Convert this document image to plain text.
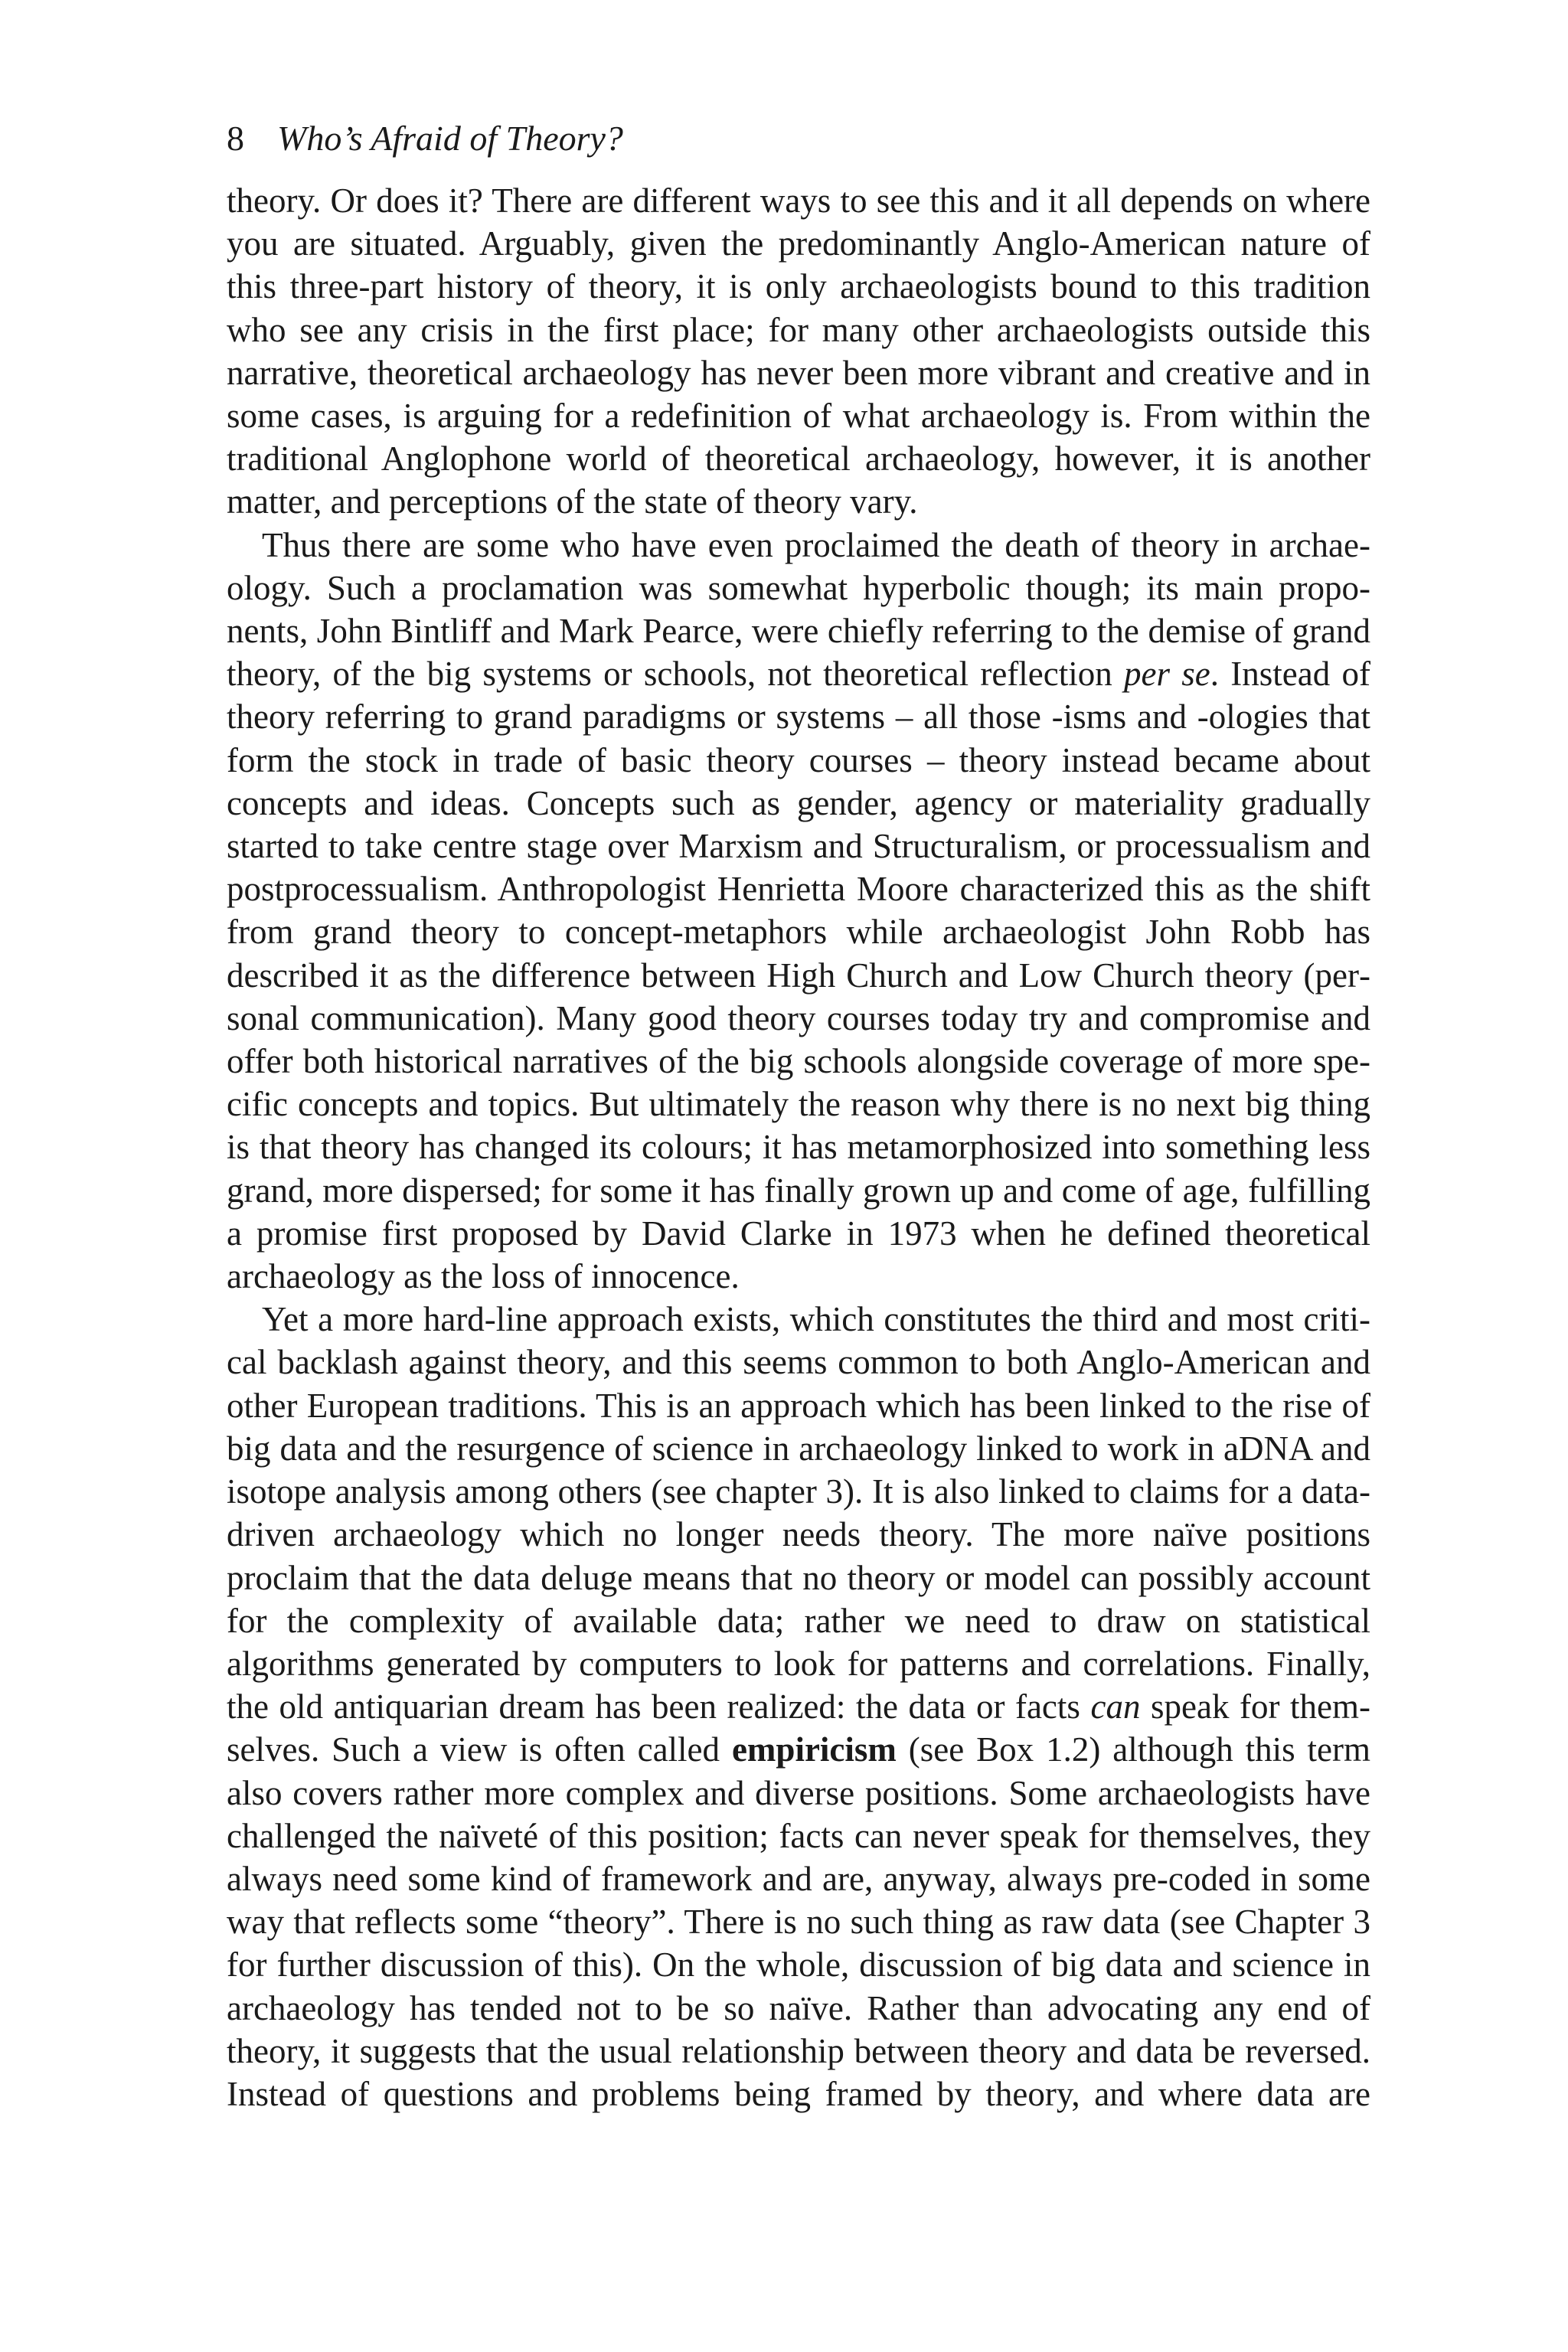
8 Who’s Afraid of Theory?

theory. Or does it? There are different ways to see this and it all depends on where you are situated. Arguably, given the predominantly Anglo-American nature of this three-part history of theory, it is only archaeologists bound to this tradition who see any crisis in the first place; for many other archaeologists outside this narrative, theoretical archaeology has never been more vibrant and creative and in some cases, is arguing for a redefinition of what archaeology is. From within the traditional Anglophone world of theoretical archaeology, however, it is another matter, and perceptions of the state of theory vary.

Thus there are some who have even proclaimed the death of theory in archaeology. Such a proclamation was somewhat hyperbolic though; its main proponents, John Bintliff and Mark Pearce, were chiefly referring to the demise of grand theory, of the big systems or schools, not theoretical reflection per se. Instead of theory referring to grand paradigms or systems – all those -isms and -ologies that form the stock in trade of basic theory courses – theory instead became about concepts and ideas. Concepts such as gender, agency or materiality gradually started to take centre stage over Marxism and Structuralism, or processualism and postprocessualism. Anthropologist Henrietta Moore characterized this as the shift from grand theory to concept-metaphors while archaeologist John Robb has described it as the difference between High Church and Low Church theory (personal communication). Many good theory courses today try and compromise and offer both historical narratives of the big schools alongside coverage of more specific concepts and topics. But ultimately the reason why there is no next big thing is that theory has changed its colours; it has metamorphosized into something less grand, more dispersed; for some it has finally grown up and come of age, fulfilling a promise first proposed by David Clarke in 1973 when he defined theoretical archaeology as the loss of innocence.

Yet a more hard-line approach exists, which constitutes the third and most critical backlash against theory, and this seems common to both Anglo-American and other European traditions. This is an approach which has been linked to the rise of big data and the resurgence of science in archaeology linked to work in aDNA and isotope analysis among others (see chapter 3). It is also linked to claims for a data-driven archaeology which no longer needs theory. The more naïve positions proclaim that the data deluge means that no theory or model can possibly account for the complexity of available data; rather we need to draw on statistical algorithms generated by computers to look for patterns and correlations. Finally, the old antiquarian dream has been realized: the data or facts can speak for themselves. Such a view is often called empiricism (see Box 1.2) although this term also covers rather more complex and diverse positions. Some archaeologists have challenged the naïveté of this position; facts can never speak for themselves, they always need some kind of framework and are, anyway, always pre-coded in some way that reflects some “theory”. There is no such thing as raw data (see Chapter 3 for further discussion of this). On the whole, discussion of big data and science in archaeology has tended not to be so naïve. Rather than advocating any end of theory, it suggests that the usual relationship between theory and data be reversed. Instead of questions and problems being framed by theory, and where data are
